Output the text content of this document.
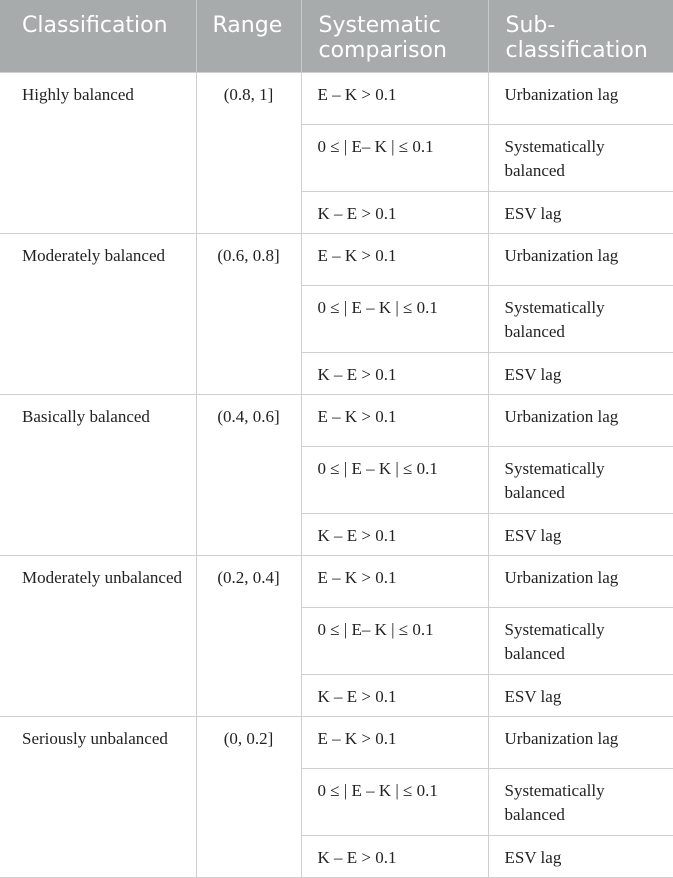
Classification	Range	Systematic comparison	Sub-classification
Highly balanced	(0.8, 1]	E – K > 0.1	Urbanization lag
		0 ≤ | E– K | ≤ 0.1	Systematically balanced
		K – E > 0.1	ESV lag
Moderately balanced	(0.6, 0.8]	E – K > 0.1	Urbanization lag
		0 ≤ | E – K | ≤ 0.1	Systematically balanced
		K – E > 0.1	ESV lag
Basically balanced	(0.4, 0.6]	E – K > 0.1	Urbanization lag
		0 ≤ | E – K | ≤ 0.1	Systematically balanced
		K – E > 0.1	ESV lag
Moderately unbalanced	(0.2, 0.4]	E – K > 0.1	Urbanization lag
		0 ≤ | E– K | ≤ 0.1	Systematically balanced
		K – E > 0.1	ESV lag
Seriously unbalanced	(0, 0.2]	E – K > 0.1	Urbanization lag
		0 ≤ | E – K | ≤ 0.1	Systematically balanced
		K – E > 0.1	ESV lag
